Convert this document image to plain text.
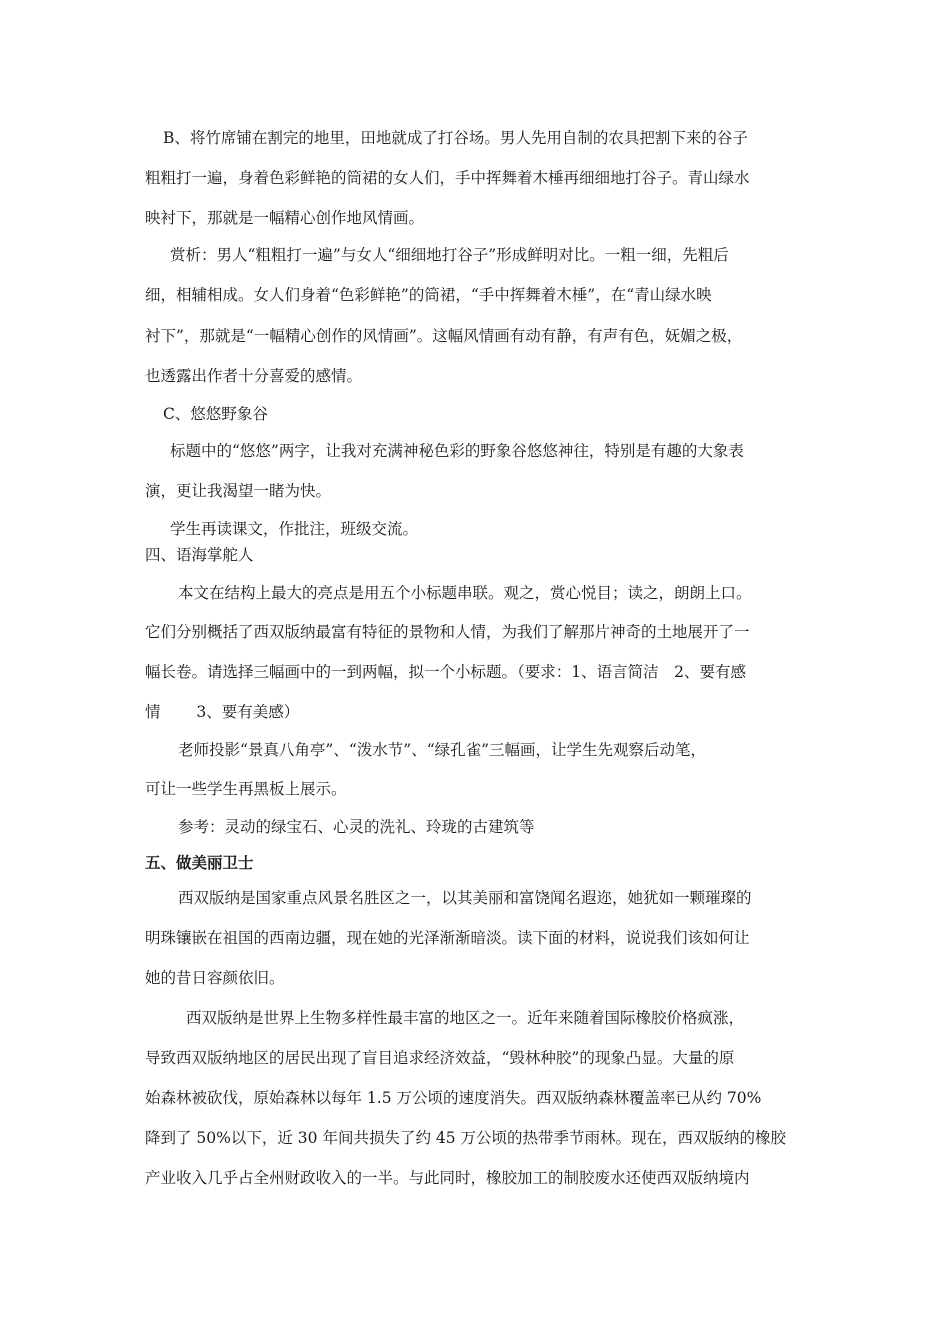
B、将竹席铺在割完的地里，田地就成了打谷场。男人先用自制的农具把割下来的谷子
粗粗打一遍，身着色彩鲜艳的筒裙的女人们，手中挥舞着木棰再细细地打谷子。青山绿水
映衬下，那就是一幅精心创作地风情画。
赏析：男人“粗粗打一遍”与女人“细细地打谷子”形成鲜明对比。一粗一细，先粗后
细，相辅相成。女人们身着“色彩鲜艳”的筒裙，“手中挥舞着木棰”，在“青山绿水映
衬下”，那就是“一幅精心创作的风情画”。这幅风情画有动有静，有声有色，妩媚之极，
也透露出作者十分喜爱的感情。
C、悠悠野象谷
标题中的“悠悠”两字，让我对充满神秘色彩的野象谷悠悠神往，特别是有趣的大象表
演，更让我渴望一睹为快。
学生再读课文，作批注，班级交流。
四、语海掌舵人
本文在结构上最大的亮点是用五个小标题串联。观之，赏心悦目；读之，朗朗上口。
它们分别概括了西双版纳最富有特征的景物和人情，为我们了解那片神奇的土地展开了一
幅长卷。请选择三幅画中的一到两幅，拟一个小标题。（要求：1、语言简洁　2、要有感
情　　 3、要有美感）
老师投影“景真八角亭”、“泼水节”、“绿孔雀”三幅画，让学生先观察后动笔，
可让一些学生再黑板上展示。
参考：灵动的绿宝石、心灵的洗礼、玲珑的古建筑等
五、做美丽卫士
西双版纳是国家重点风景名胜区之一，以其美丽和富饶闻名遐迩，她犹如一颗璀璨的
明珠镶嵌在祖国的西南边疆，现在她的光泽渐渐暗淡。读下面的材料，说说我们该如何让
她的昔日容颜依旧。
西双版纳是世界上生物多样性最丰富的地区之一。近年来随着国际橡胶价格疯涨，
导致西双版纳地区的居民出现了盲目追求经济效益，“毁林种胶”的现象凸显。大量的原
始森林被砍伐，原始森林以每年 1.5 万公顷的速度消失。西双版纳森林覆盖率已从约 70%
降到了 50%以下，近 30 年间共损失了约 45 万公顷的热带季节雨林。现在，西双版纳的橡胶
产业收入几乎占全州财政收入的一半。与此同时，橡胶加工的制胶废水还使西双版纳境内
